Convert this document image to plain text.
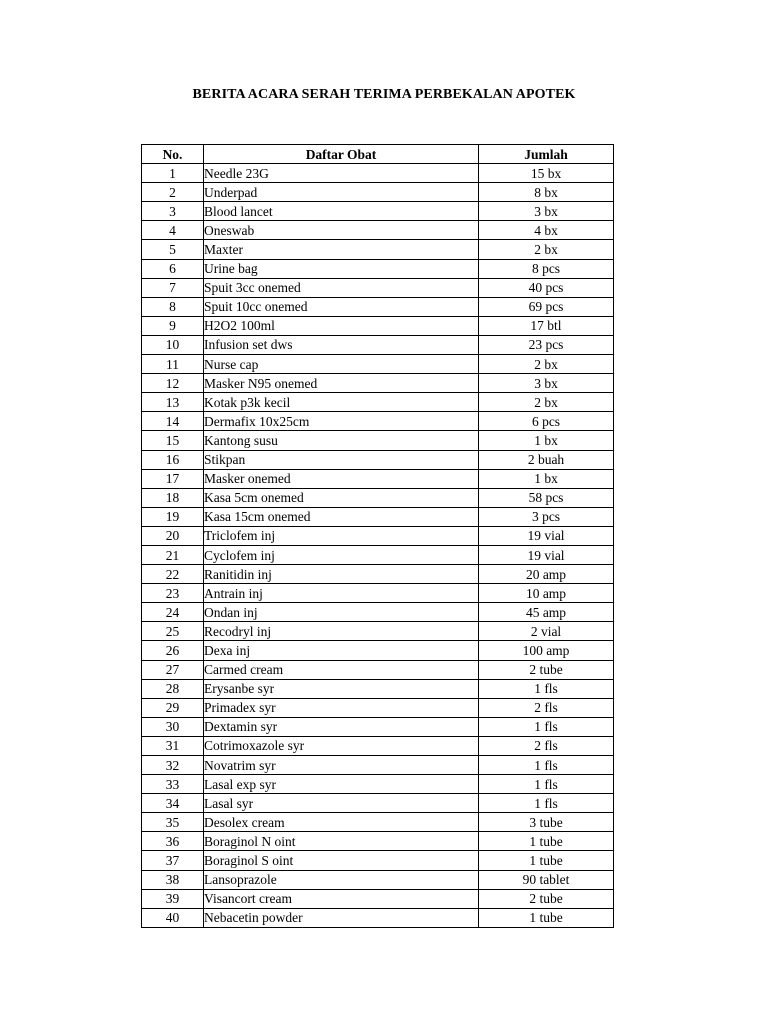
BERITA ACARA SERAH TERIMA PERBEKALAN APOTEK
No.	Daftar Obat	Jumlah
1	Needle 23G	15 bx
2	Underpad	8 bx
3	Blood lancet	3 bx
4	Oneswab	4 bx
5	Maxter	2 bx
6	Urine bag	8 pcs
7	Spuit 3cc onemed	40 pcs
8	Spuit 10cc onemed	69 pcs
9	H2O2 100ml	17 btl
10	Infusion set dws	23 pcs
11	Nurse cap	2 bx
12	Masker N95 onemed	3 bx
13	Kotak p3k kecil	2 bx
14	Dermafix 10x25cm	6 pcs
15	Kantong susu	1 bx
16	Stikpan	2 buah
17	Masker onemed	1 bx
18	Kasa 5cm onemed	58 pcs
19	Kasa 15cm onemed	3 pcs
20	Triclofem inj	19 vial
21	Cyclofem inj	19 vial
22	Ranitidin inj	20 amp
23	Antrain inj	10 amp
24	Ondan inj	45 amp
25	Recodryl inj	2 vial
26	Dexa inj	100 amp
27	Carmed cream	2 tube
28	Erysanbe syr	1 fls
29	Primadex syr	2 fls
30	Dextamin syr	1 fls
31	Cotrimoxazole syr	2 fls
32	Novatrim syr	1 fls
33	Lasal exp syr	1 fls
34	Lasal syr	1 fls
35	Desolex cream	3 tube
36	Boraginol N oint	1 tube
37	Boraginol S oint	1 tube
38	Lansoprazole	90 tablet
39	Visancort cream	2 tube
40	Nebacetin powder	1 tube
